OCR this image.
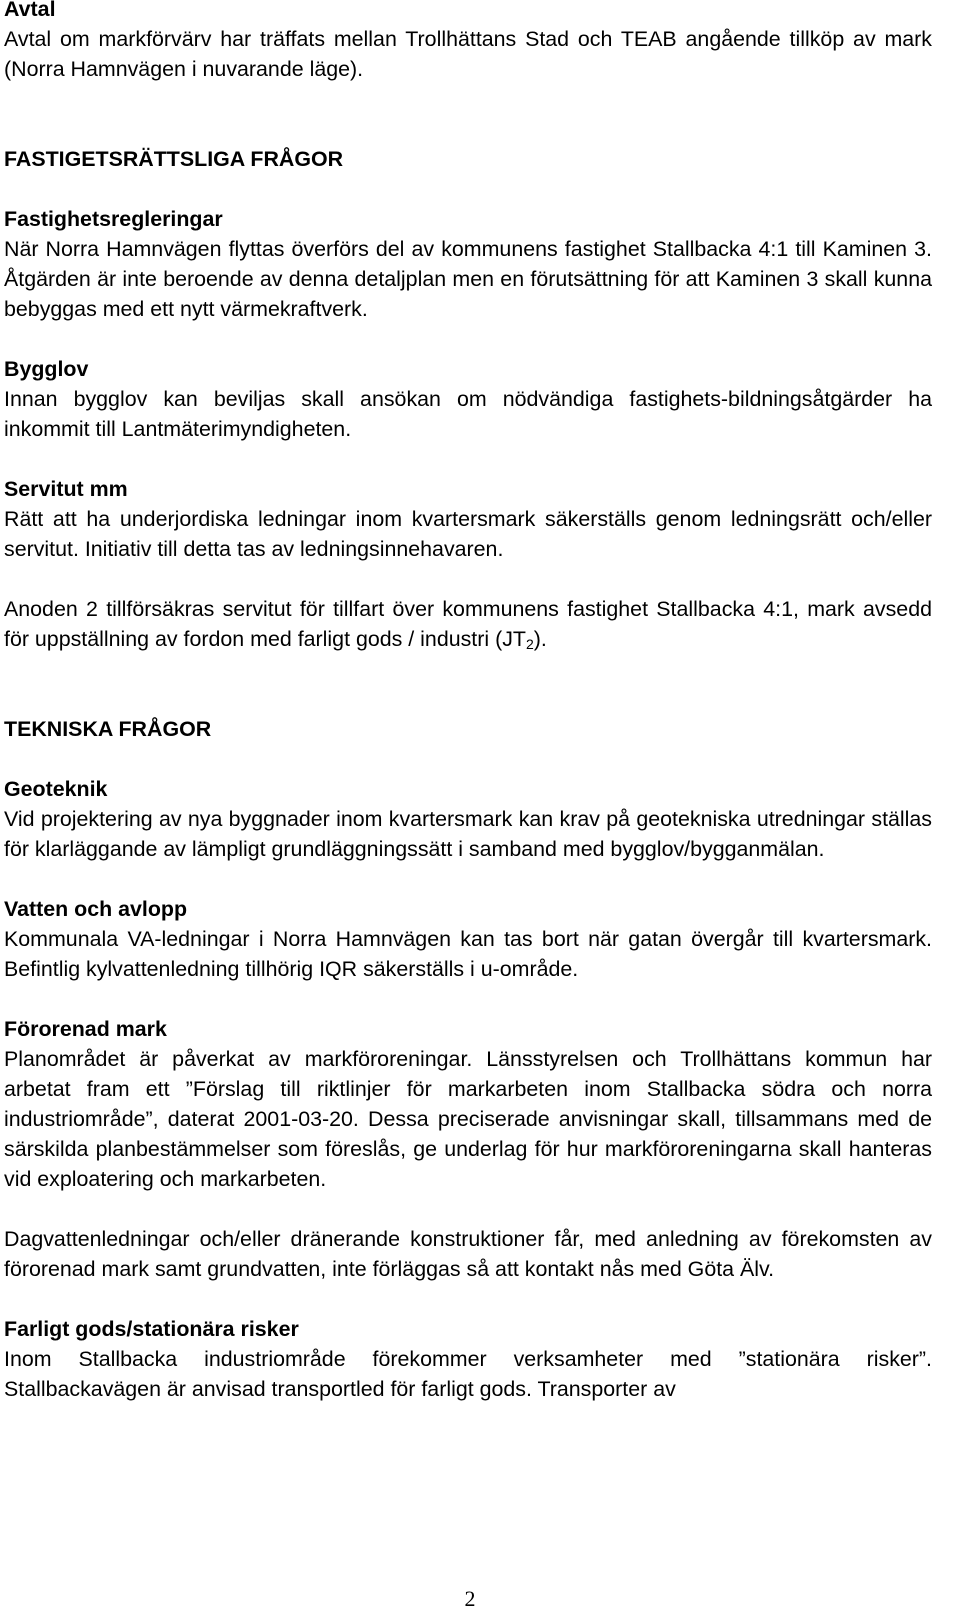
Avtal

Avtal om markförvärv har träffats mellan Trollhättans Stad och TEAB angående tillköp av mark (Norra Hamnvägen i nuvarande läge).

FASTIGETSRÄTTSLIGA FRÅGOR

Fastighetsregleringar

När Norra Hamnvägen flyttas överförs del av kommunens fastighet Stallbacka 4:1 till Kaminen 3. Åtgärden är inte beroende av denna detaljplan men en förutsättning för att Kaminen 3 skall kunna bebyggas med ett nytt värmekraftverk.

Bygglov

Innan bygglov kan beviljas skall ansökan om nödvändiga fastighets-bildningsåtgärder ha inkommit till Lantmäterimyndigheten.

Servitut mm

Rätt att ha underjordiska ledningar inom kvartersmark säkerställs genom ledningsrätt och/eller servitut. Initiativ till detta tas av ledningsinnehavaren.

Anoden 2 tillförsäkras servitut för tillfart över kommunens fastighet Stallbacka 4:1, mark avsedd för uppställning av fordon med farligt gods / industri $(JT_2)$.

TEKNISKA FRÅGOR

Geoteknik

Vid projektering av nya byggnader inom kvartersmark kan krav på geotekniska utredningar ställas för klarläggande av lämpligt grundläggningssätt i samband med bygglov/bygganmälan.

Vatten och avlopp

Kommunala VA-ledningar i Norra Hamnvägen kan tas bort när gatan övergår till kvartersmark. Befintlig kylvattenledning tillhörig IQR säkerställs i u-område.

Förorenad mark

Planområdet är påverkat av markföroreningar. Länsstyrelsen och Trollhättans kommun har arbetat fram ett ”Förslag till riktlinjer för markarbeten inom Stallbacka södra och norra industriområde”, daterat 2001-03-20. Dessa preciserade anvisningar skall, tillsammans med de särskilda planbestämmelser som föreslås, ge underlag för hur markföroreningarna skall hanteras vid exploatering och markarbeten.

Dagvattenledningar och/eller dränerande konstruktioner får, med anledning av förekomsten av förorenad mark samt grundvatten, inte förläggas så att kontakt nås med Göta Älv.

Farligt gods/stationära risker

Inom Stallbacka industriområde förekommer verksamheter med ”stationära risker”. Stallbackavägen är anvisad transportled för farligt gods. Transporter av

2
